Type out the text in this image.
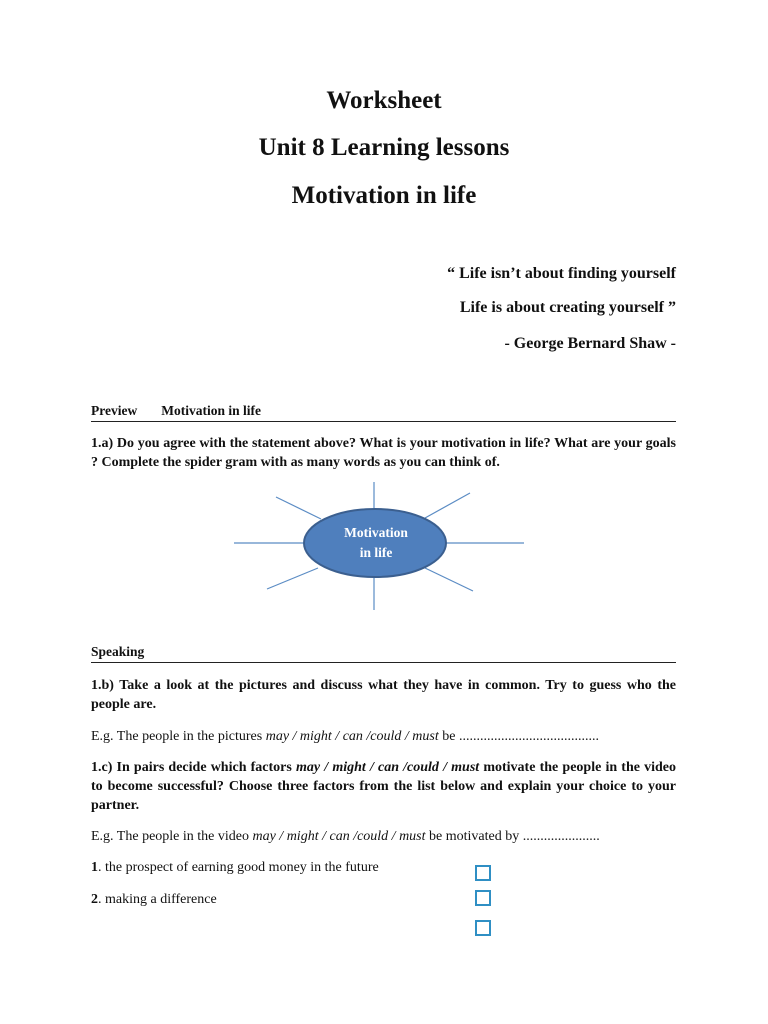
Worksheet
Unit 8 Learning lessons
Motivation in life
“ Life isn’t about finding yourself
Life is about creating yourself ”
- George Bernard Shaw -
Preview Motivation in life
1.a) Do you agree with the statement above? What is your motivation in life? What are your goals ? Complete the spider gram with as many words as you can think of.
Motivation
in life
Speaking
1.b) Take a look at the pictures and discuss what they have in common. Try to guess who the people are.
E.g. The people in the pictures may / might / can /could / must be ........................................
1.c) In pairs decide which factors may / might / can /could / must motivate the people in the video to become successful? Choose three factors from the list below and explain your choice to your partner.
E.g. The people in the video may / might / can /could / must be motivated by ......................
1. the prospect of earning good money in the future
2. making a difference
